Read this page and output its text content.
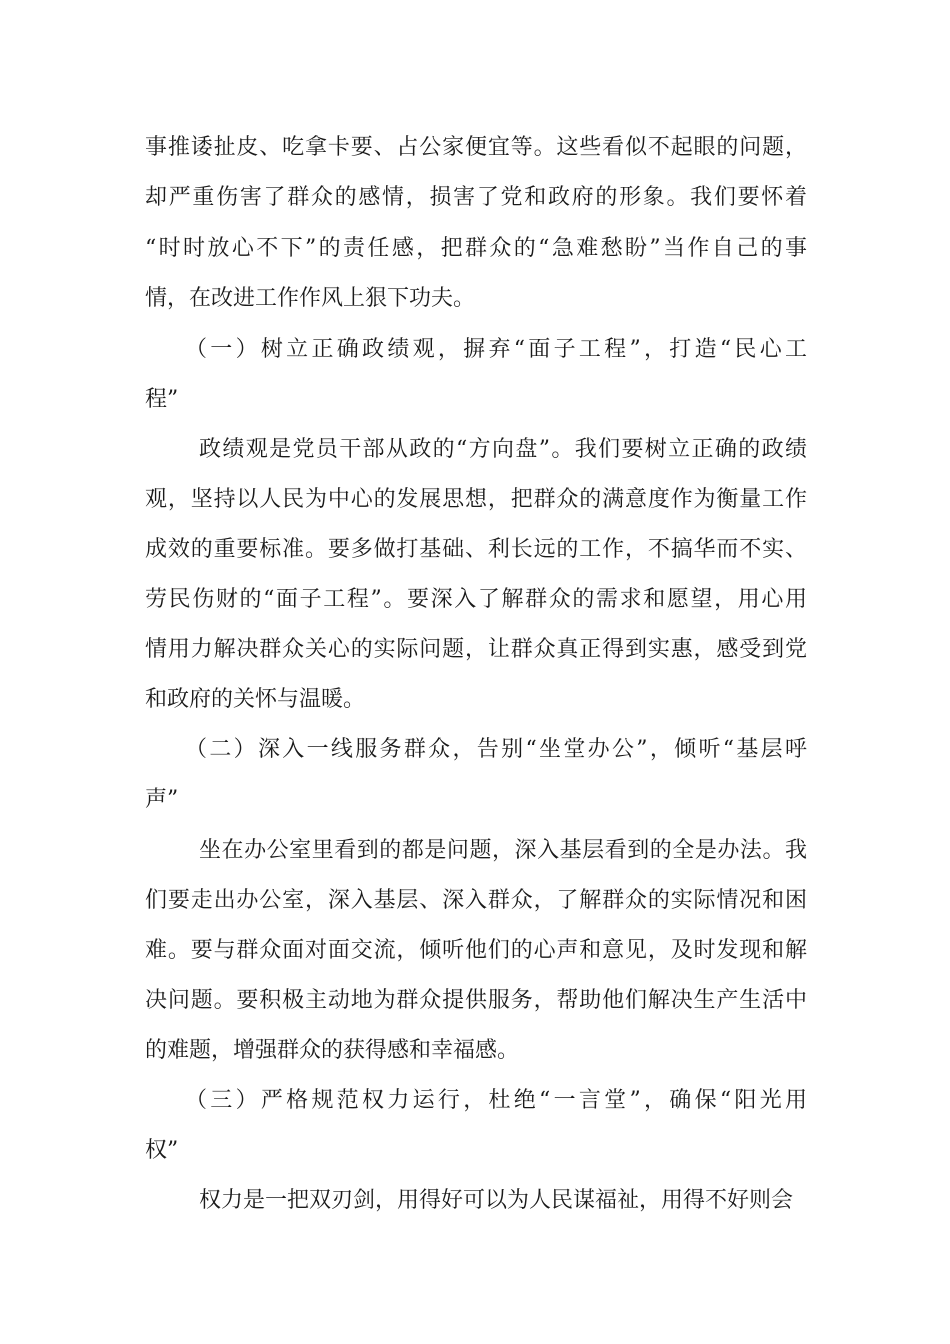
事推诿扯皮、吃拿卡要、占公家便宜等。这些看似不起眼的问题，
却严重伤害了群众的感情，损害了党和政府的形象。我们要怀着
“时时放心不下”的责任感，把群众的“急难愁盼”当作自己的事
情，在改进工作作风上狠下功夫。
（一）树立正确政绩观，摒弃“面子工程”，打造“民心工
程”
政绩观是党员干部从政的“方向盘”。我们要树立正确的政绩
观，坚持以人民为中心的发展思想，把群众的满意度作为衡量工作
成效的重要标准。要多做打基础、利长远的工作，不搞华而不实、
劳民伤财的“面子工程”。要深入了解群众的需求和愿望，用心用
情用力解决群众关心的实际问题，让群众真正得到实惠，感受到党
和政府的关怀与温暖。
（二）深入一线服务群众，告别“坐堂办公”，倾听“基层呼
声”
坐在办公室里看到的都是问题，深入基层看到的全是办法。我
们要走出办公室，深入基层、深入群众，了解群众的实际情况和困
难。要与群众面对面交流，倾听他们的心声和意见，及时发现和解
决问题。要积极主动地为群众提供服务，帮助他们解决生产生活中
的难题，增强群众的获得感和幸福感。
（三）严格规范权力运行，杜绝“一言堂”，确保“阳光用
权”
权力是一把双刃剑，用得好可以为人民谋福祉，用得不好则会
